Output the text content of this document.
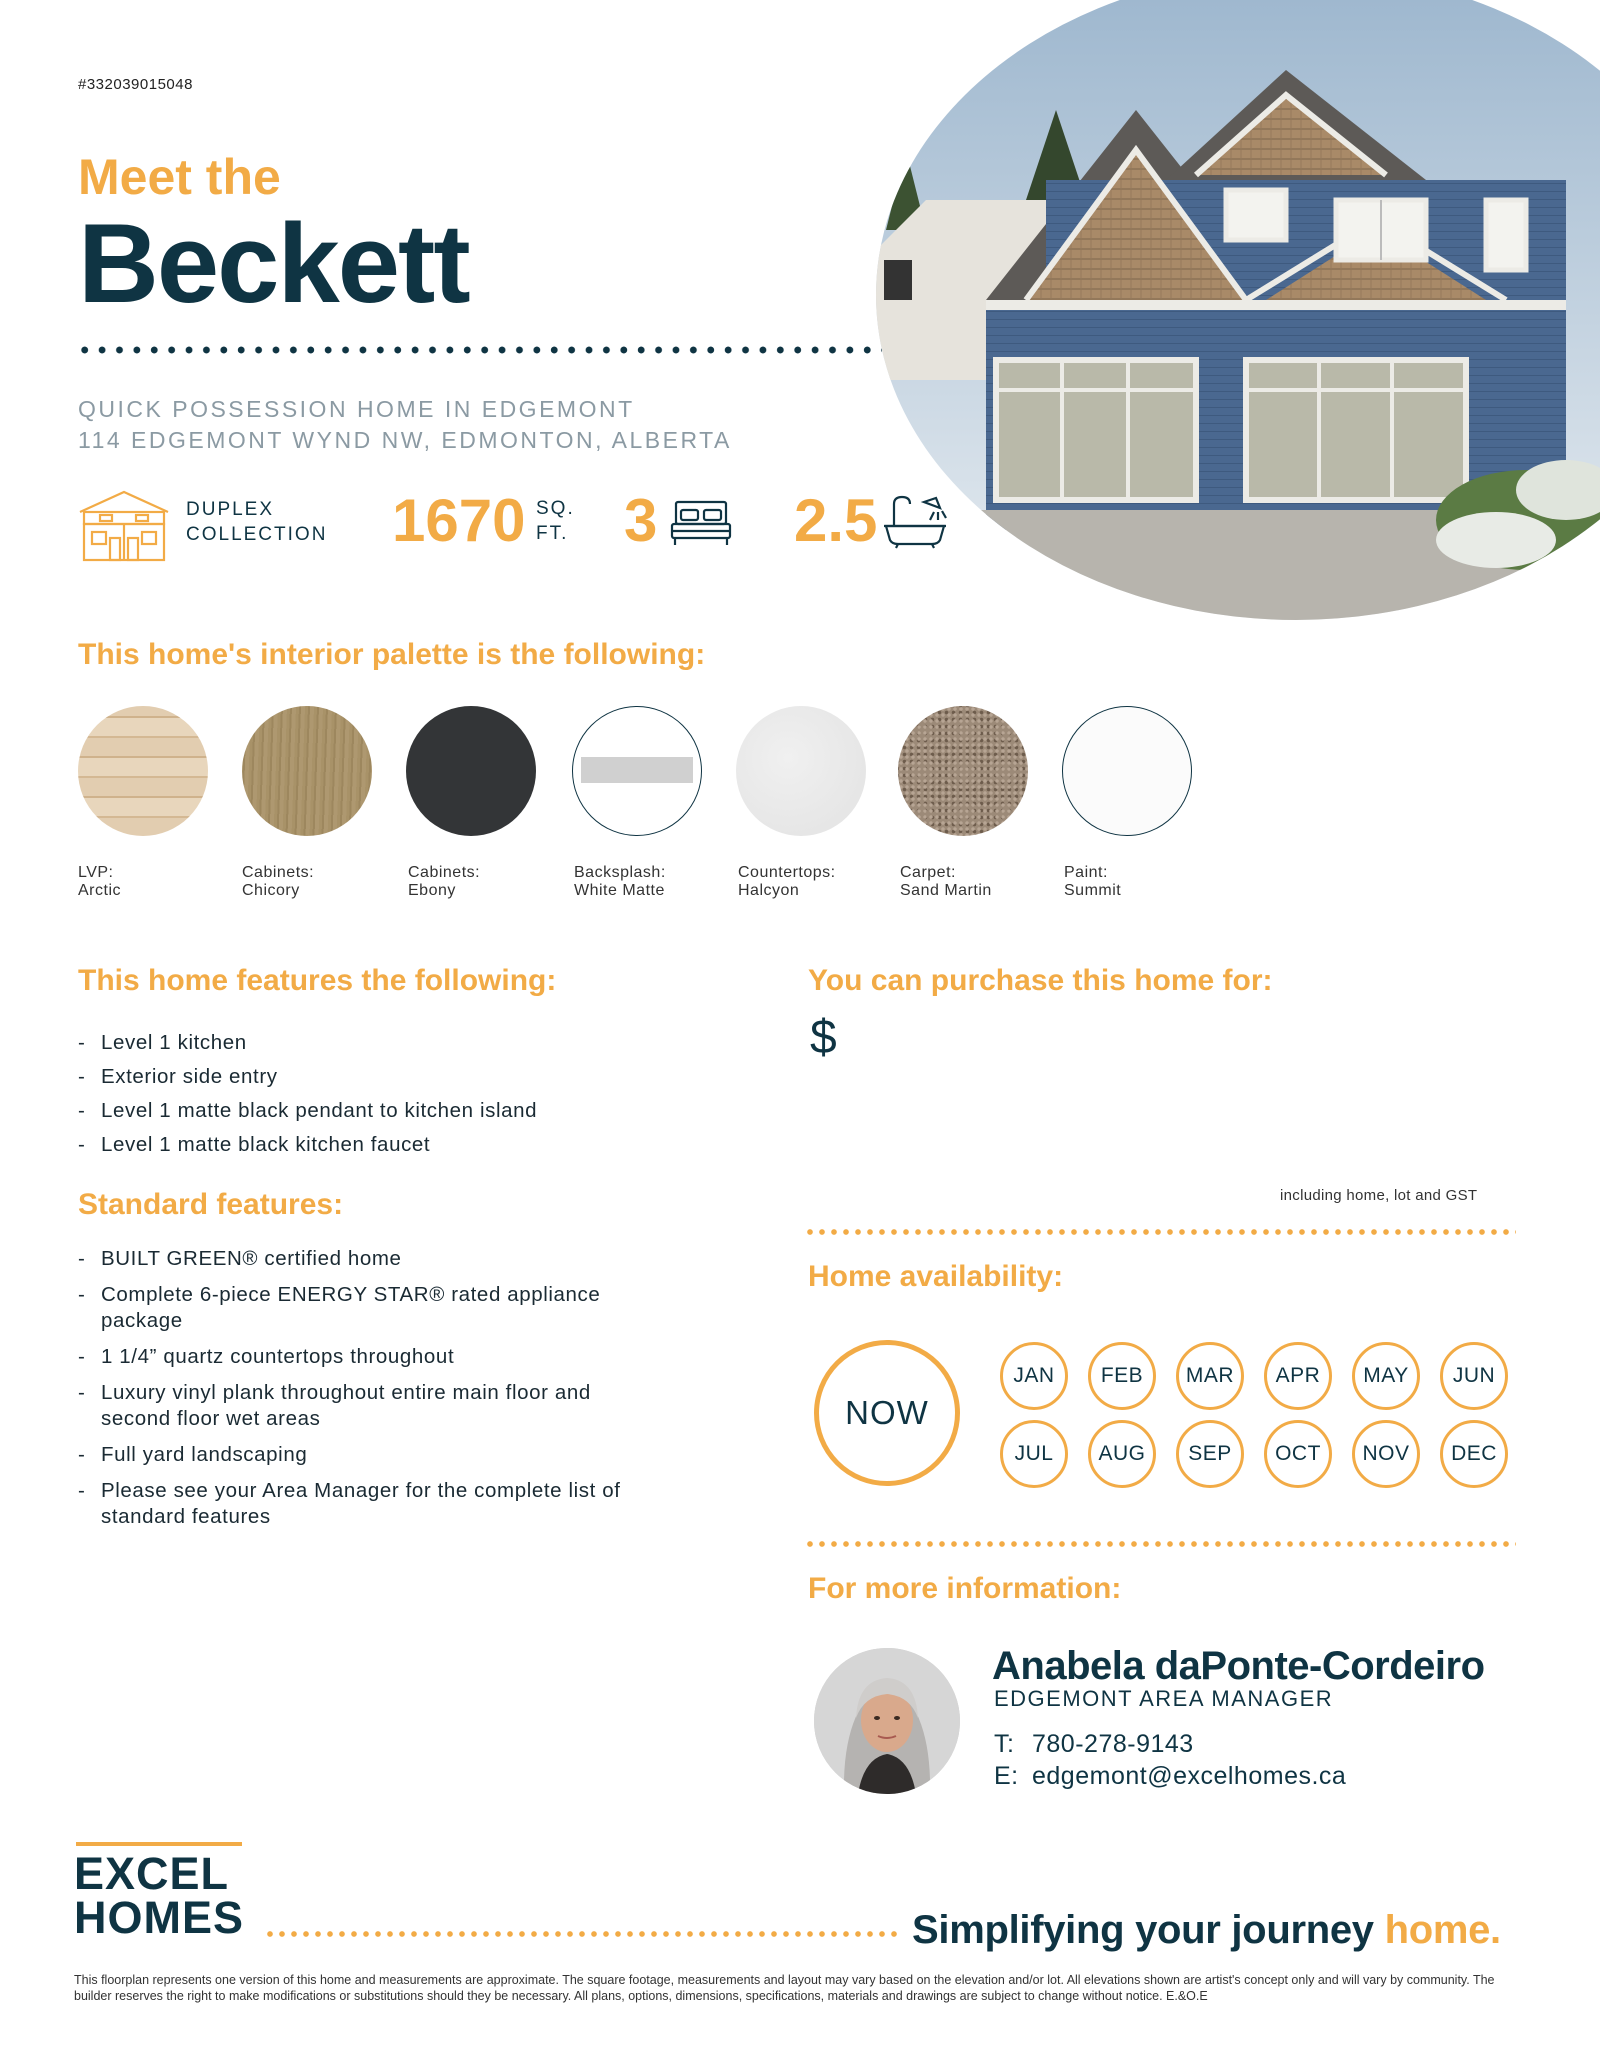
#332039015048
Meet the
Beckett
QUICK POSSESSION HOME IN EDGEMONT
114 EDGEMONT WYND NW, EDMONTON, ALBERTA
DUPLEX
COLLECTION 1670 SQ.
FT. 3 2.5
This home's interior palette is the following:
LVP:
Arctic
Cabinets:
Chicory
Cabinets:
Ebony
Backsplash:
White Matte
Countertops:
Halcyon
Carpet:
Sand Martin
Paint:
Summit
This home features the following:
- Level 1 kitchen
- Exterior side entry
- Level 1 matte black pendant to kitchen island
- Level 1 matte black kitchen faucet
Standard features:
- BUILT GREEN® certified home
- Complete 6-piece ENERGY STAR® rated appliance package
- 1 1/4” quartz countertops throughout
- Luxury vinyl plank throughout entire main floor and second floor wet areas
- Full yard landscaping
- Please see your Area Manager for the complete list of standard features
You can purchase this home for:
$
including home, lot and GST
Home availability:
NOW
JAN	FEB	MAR	APR	MAY	JUN
JUL	AUG	SEP	OCT	NOV	DEC
For more information:
Anabela daPonte-Cordeiro
EDGEMONT AREA MANAGER
T: 780-278-9143
E: edgemont@excelhomes.ca
EXCEL
HOMES	Simplifying your journey home.
This floorplan represents one version of this home and measurements are approximate. The square footage, measurements and layout may vary based on the elevation and/or lot. All elevations shown are artist's concept only and will vary by community. The builder reserves the right to make modifications or substitutions should they be necessary. All plans, options, dimensions, specifications, materials and drawings are subject to change without notice. E.&O.E
